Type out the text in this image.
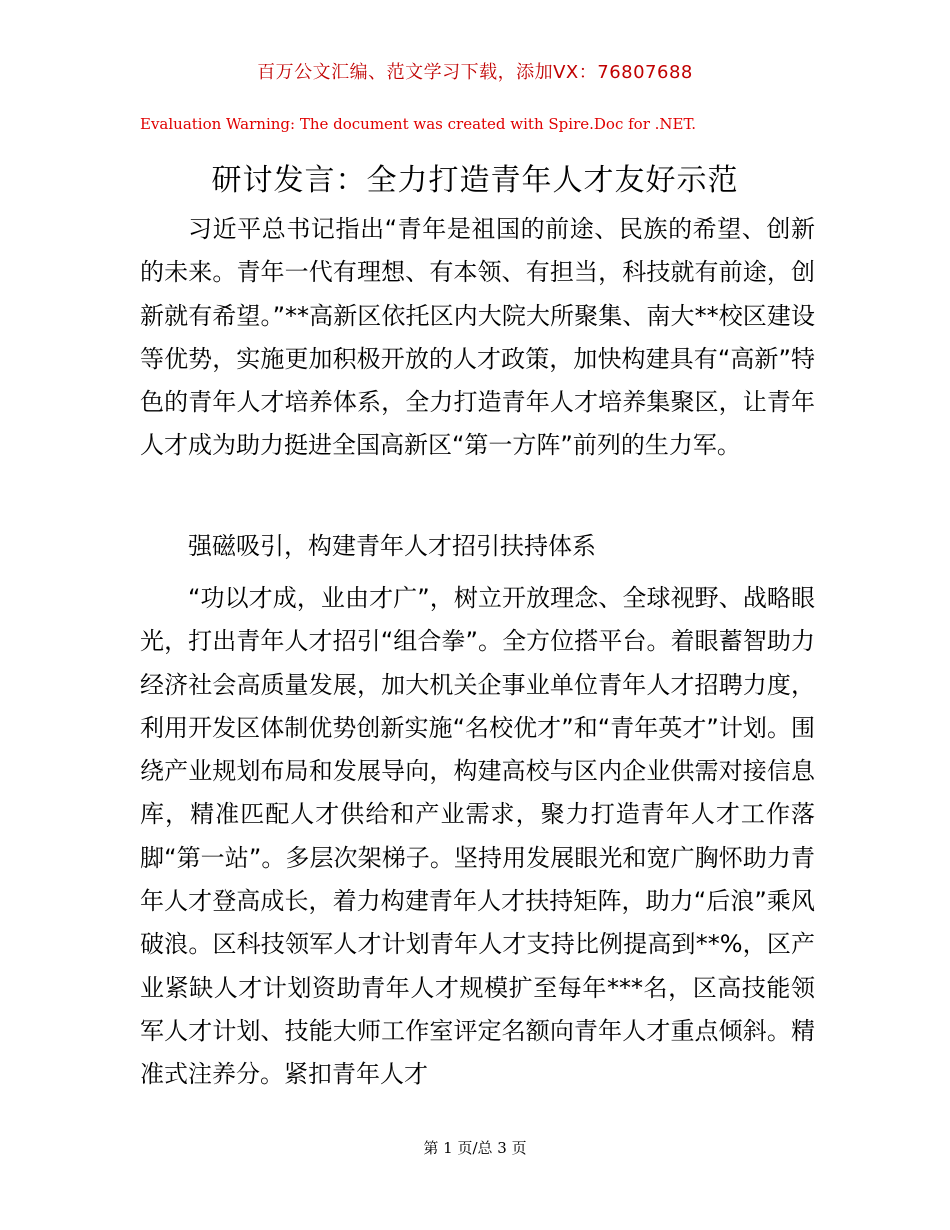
百万公文汇编、范文学习下载，添加VX：76807688
Evaluation Warning: The document was created with Spire.Doc for .NET.
研讨发言：全力打造青年人才友好示范

习近平总书记指出“青年是祖国的前途、民族的希望、创新的未来。青年一代有理想、有本领、有担当，科技就有前途，创新就有希望。”**高新区依托区内大院大所聚集、南大**校区建设等优势，实施更加积极开放的人才政策，加快构建具有“高新”特色的青年人才培养体系，全力打造青年人才培养集聚区，让青年人才成为助力挺进全国高新区“第一方阵”前列的生力军。

强磁吸引，构建青年人才招引扶持体系

“功以才成，业由才广”，树立开放理念、全球视野、战略眼光，打出青年人才招引“组合拳”。全方位搭平台。着眼蓄智助力经济社会高质量发展，加大机关企事业单位青年人才招聘力度，利用开发区体制优势创新实施“名校优才”和“青年英才”计划。围绕产业规划布局和发展导向，构建高校与区内企业供需对接信息库，精准匹配人才供给和产业需求，聚力打造青年人才工作落脚“第一站”。多层次架梯子。坚持用发展眼光和宽广胸怀助力青年人才登高成长，着力构建青年人才扶持矩阵，助力“后浪”乘风破浪。区科技领军人才计划青年人才支持比例提高到**%，区产业紧缺人才计划资助青年人才规模扩至每年***名，区高技能领军人才计划、技能大师工作室评定名额向青年人才重点倾斜。精准式注养分。紧扣青年人才

第 1 页/总 3 页
